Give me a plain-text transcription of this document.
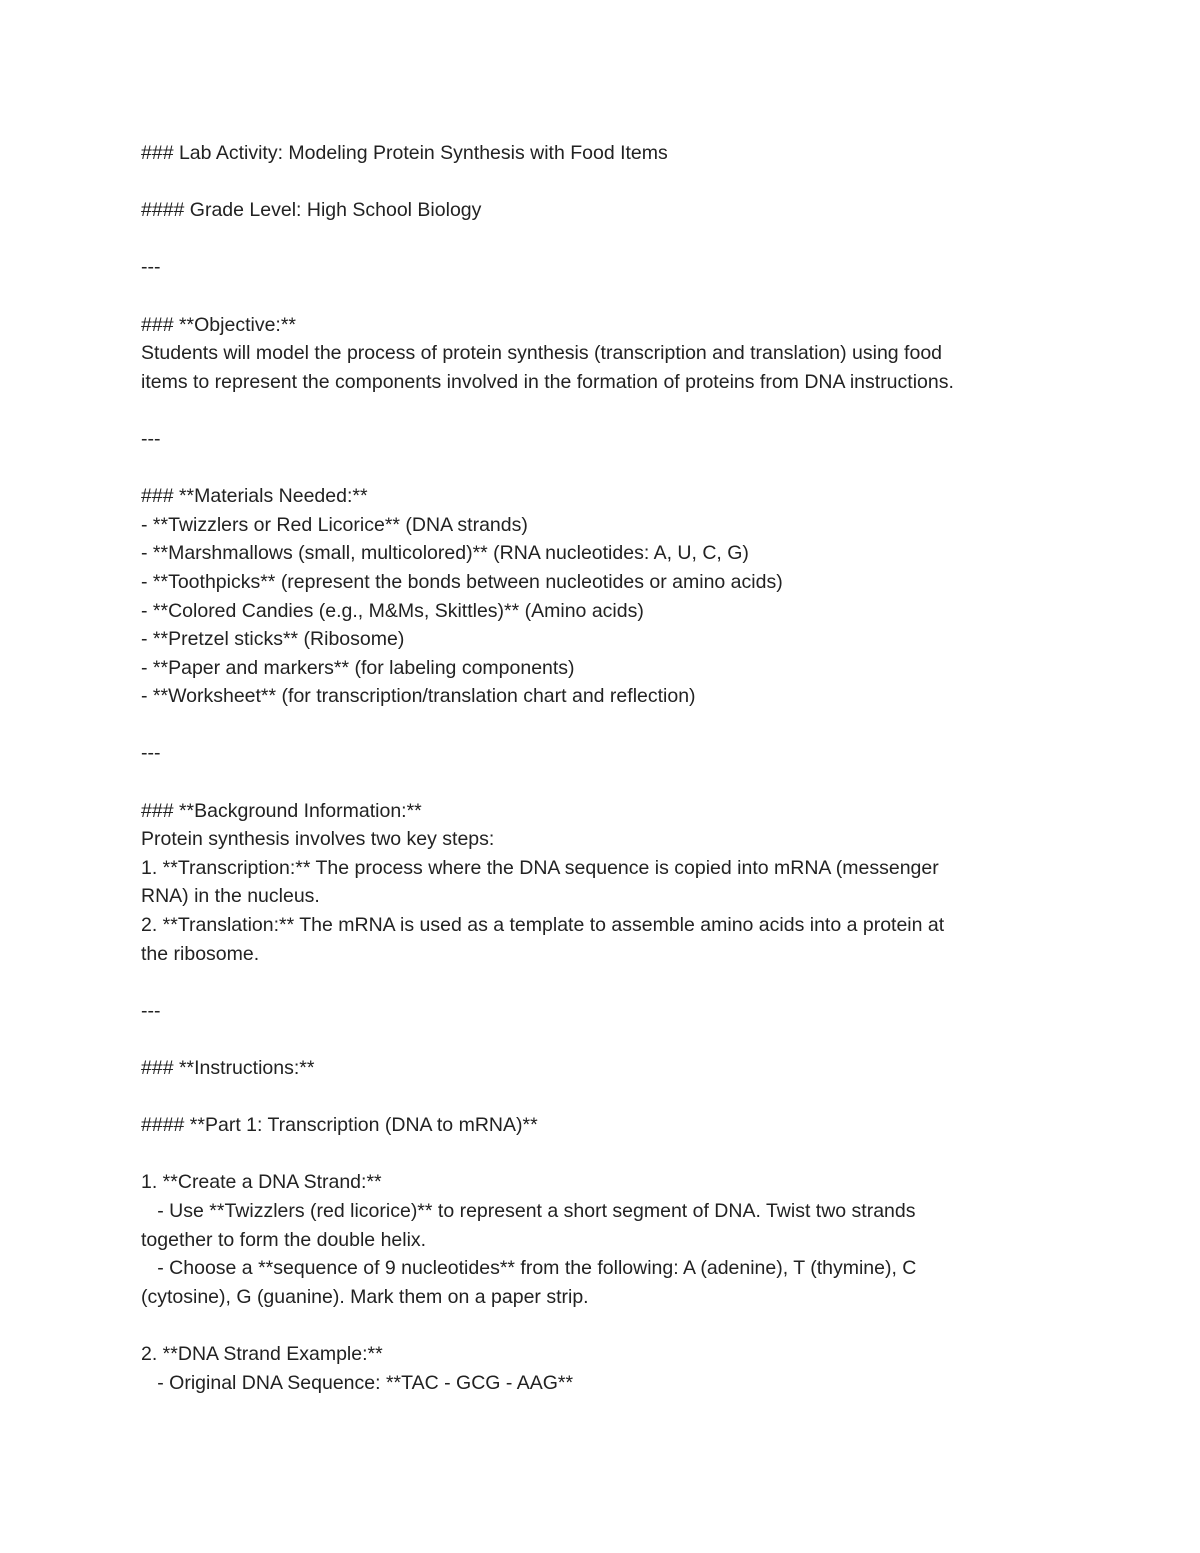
### Lab Activity: Modeling Protein Synthesis with Food Items

#### Grade Level: High School Biology

---

### **Objective:**

Students will model the process of protein synthesis (transcription and translation) using food

items to represent the components involved in the formation of proteins from DNA instructions.

---

### **Materials Needed:**

- **Twizzlers or Red Licorice** (DNA strands)

- **Marshmallows (small, multicolored)** (RNA nucleotides: A, U, C, G)

- **Toothpicks** (represent the bonds between nucleotides or amino acids)

- **Colored Candies (e.g., M&Ms, Skittles)** (Amino acids)

- **Pretzel sticks** (Ribosome)

- **Paper and markers** (for labeling components)

- **Worksheet** (for transcription/translation chart and reflection)

---

### **Background Information:**

Protein synthesis involves two key steps:

1. **Transcription:** The process where the DNA sequence is copied into mRNA (messenger

RNA) in the nucleus.

2. **Translation:** The mRNA is used as a template to assemble amino acids into a protein at

the ribosome.

---

### **Instructions:**

#### **Part 1: Transcription (DNA to mRNA)**

1. **Create a DNA Strand:**

- Use **Twizzlers (red licorice)** to represent a short segment of DNA. Twist two strands

together to form the double helix.

- Choose a **sequence of 9 nucleotides** from the following: A (adenine), T (thymine), C

(cytosine), G (guanine). Mark them on a paper strip.

2. **DNA Strand Example:**

- Original DNA Sequence: **TAC - GCG - AAG**
